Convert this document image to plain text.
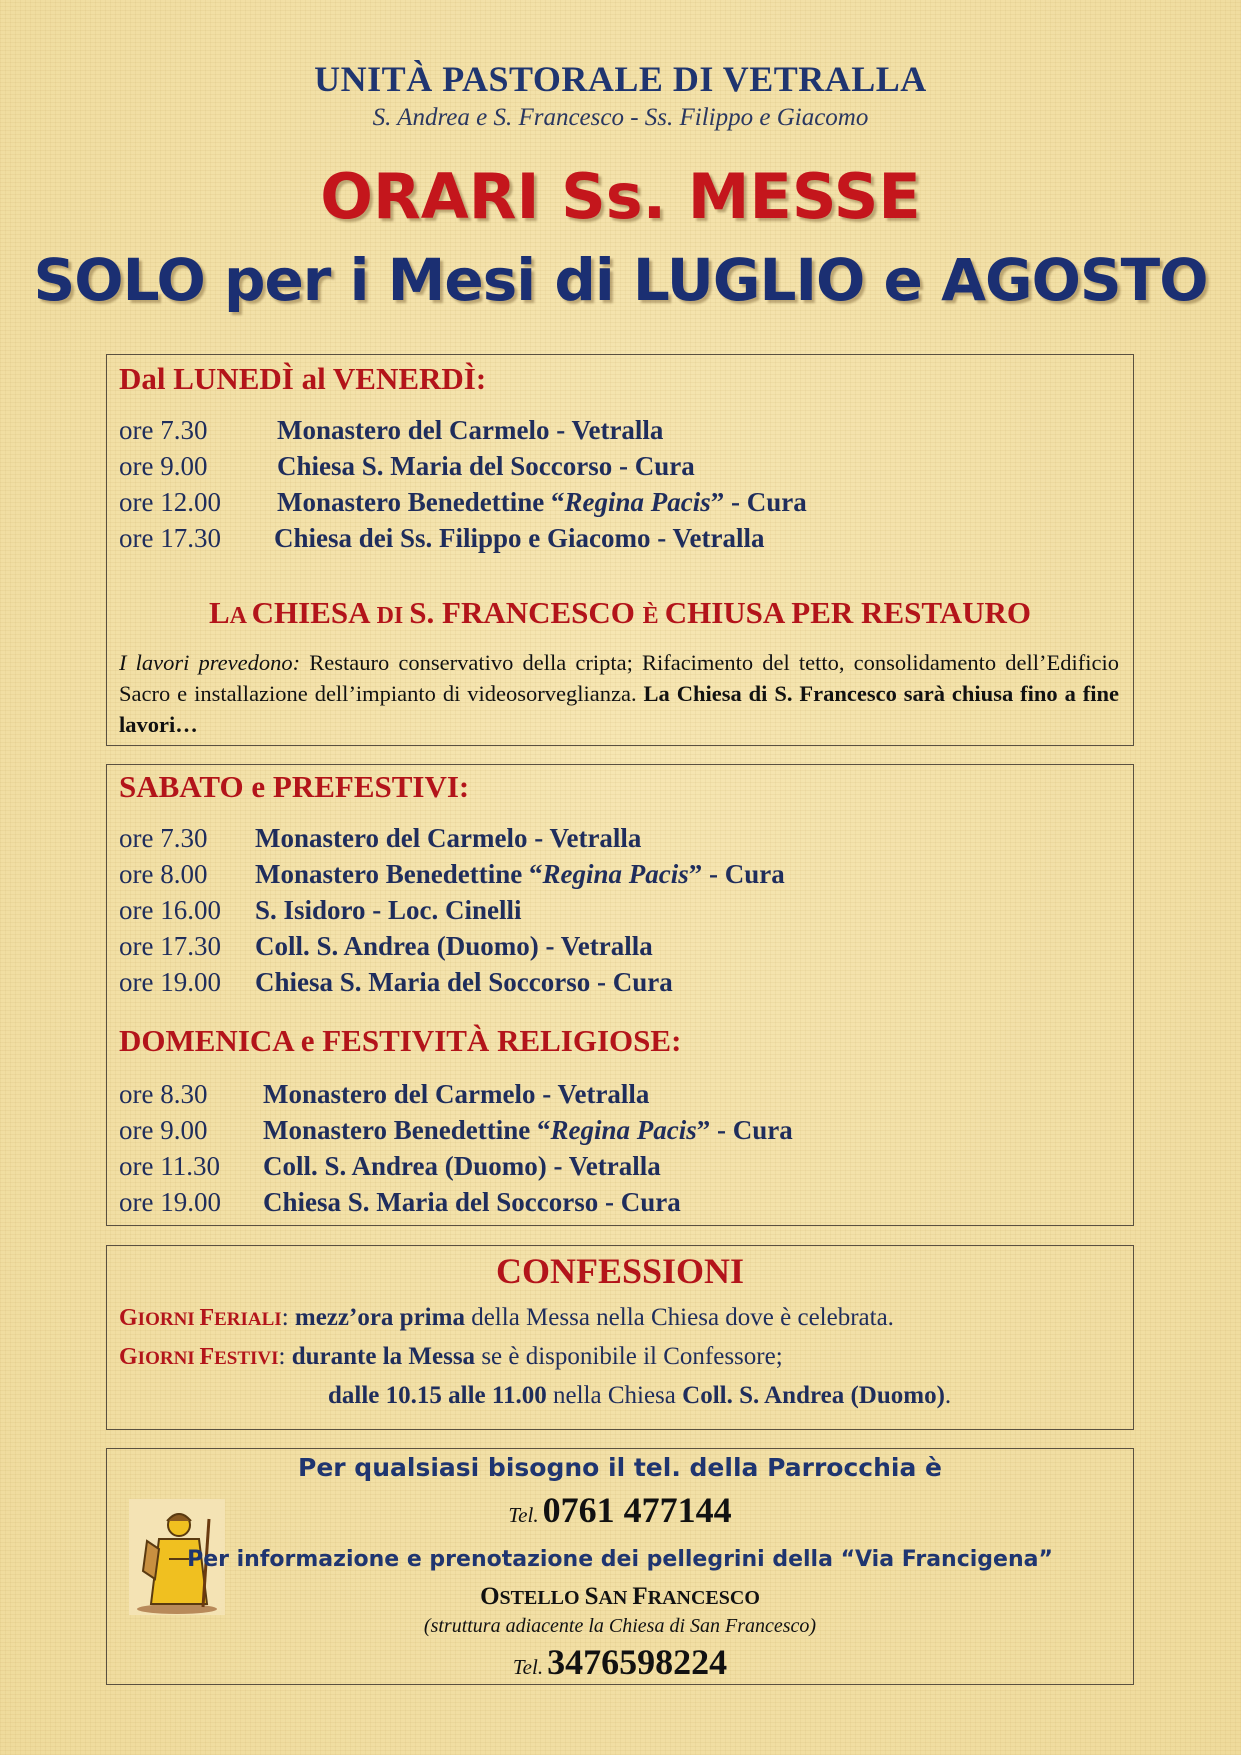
UNITÀ PASTORALE DI VETRALLA
S. Andrea e S. Francesco - Ss. Filippo e Giacomo
ORARI Ss. MESSE
SOLO per i Mesi di LUGLIO e AGOSTO
Dal LUNEDÌ al VENERDÌ:
ore 7.30	Monastero del Carmelo - Vetralla
ore 9.00	Chiesa S. Maria del Soccorso - Cura
ore 12.00 Monastero Benedettine “Regina Pacis” - Cura
ore 17.30 Chiesa dei Ss. Filippo e Giacomo - Vetralla
LA CHIESA DI S. FRANCESCO È CHIUSA PER RESTAURO
I lavori prevedono: Restauro conservativo della cripta; Rifacimento del tetto, consolidamento dell’Edificio Sacro e installazione dell’impianto di videosorveglianza. La Chiesa di S. Francesco sarà chiusa fino a fine lavori…
SABATO e PREFESTIVI:
ore 7.30 Monastero del Carmelo - Vetralla
ore 8.00 Monastero Benedettine “Regina Pacis” - Cura
ore 16.00 S. Isidoro - Loc. Cinelli
ore 17.30 Coll. S. Andrea (Duomo) - Vetralla
ore 19.00 Chiesa S. Maria del Soccorso - Cura
DOMENICA e FESTIVITÀ RELIGIOSE:
ore 8.30 Monastero del Carmelo - Vetralla
ore 9.00 Monastero Benedettine “Regina Pacis” - Cura
ore 11.30 Coll. S. Andrea (Duomo) - Vetralla
ore 19.00 Chiesa S. Maria del Soccorso - Cura
CONFESSIONI
GIORNI FERIALI: mezz’ora prima della Messa nella Chiesa dove è celebrata.
GIORNI FESTIVI: durante la Messa se è disponibile il Confessore;
dalle 10.15 alle 11.00 nella Chiesa Coll. S. Andrea (Duomo).
Per qualsiasi bisogno il tel. della Parrocchia è
Tel. 0761 477144
Per informazione e prenotazione dei pellegrini della “Via Francigena”
OSTELLO SAN FRANCESCO
(struttura adiacente la Chiesa di San Francesco)
Tel. 3476598224
